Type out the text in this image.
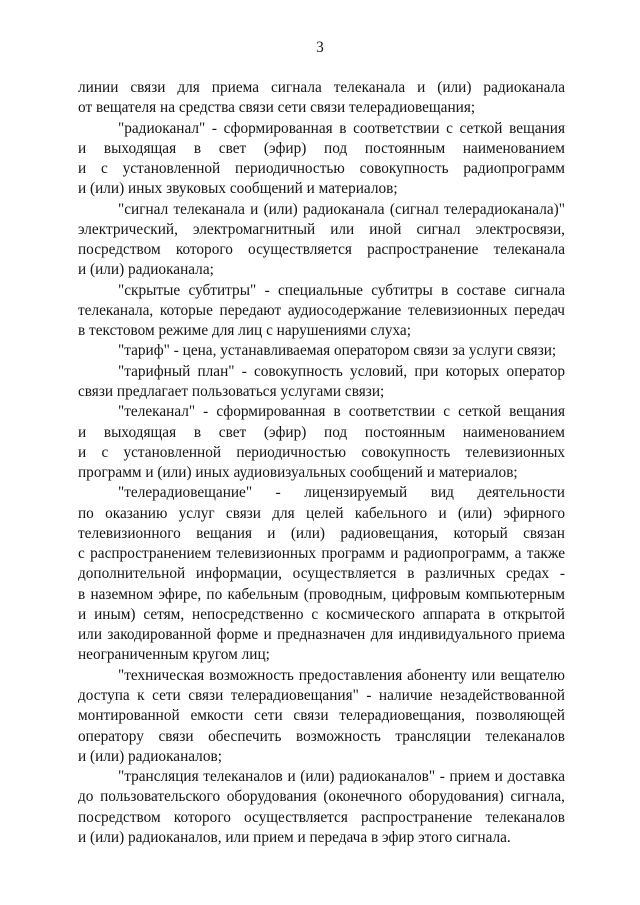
3
линии связи для приема сигнала телеканала и (или) радиоканала
от вещателя на средства связи сети связи телерадиовещания;
"радиоканал" - сформированная в соответствии с сеткой вещания
и выходящая в свет (эфир) под постоянным наименованием
и с установленной периодичностью совокупность радиопрограмм
и (или) иных звуковых сообщений и материалов;
"сигнал телеканала и (или) радиоканала (сигнал телерадиоканала)"
электрический, электромагнитный или иной сигнал электросвязи,
посредством которого осуществляется распространение телеканала
и (или) радиоканала;
"скрытые субтитры" - специальные субтитры в составе сигнала
телеканала, которые передают аудиосодержание телевизионных передач
в текстовом режиме для лиц с нарушениями слуха;
"тариф" - цена, устанавливаемая оператором связи за услуги связи;
"тарифный план" - совокупность условий, при которых оператор
связи предлагает пользоваться услугами связи;
"телеканал" - сформированная в соответствии с сеткой вещания
и выходящая в свет (эфир) под постоянным наименованием
и с установленной периодичностью совокупность телевизионных
программ и (или) иных аудиовизуальных сообщений и материалов;
"телерадиовещание" - лицензируемый вид деятельности
по оказанию услуг связи для целей кабельного и (или) эфирного
телевизионного вещания и (или) радиовещания, который связан
с распространением телевизионных программ и радиопрограмм, а также
дополнительной информации, осуществляется в различных средах -
в наземном эфире, по кабельным (проводным, цифровым компьютерным
и иным) сетям, непосредственно с космического аппарата в открытой
или закодированной форме и предназначен для индивидуального приема
неограниченным кругом лиц;
"техническая возможность предоставления абоненту или вещателю
доступа к сети связи телерадиовещания" - наличие незадействованной
монтированной емкости сети связи телерадиовещания, позволяющей
оператору связи обеспечить возможность трансляции телеканалов
и (или) радиоканалов;
"трансляция телеканалов и (или) радиоканалов" - прием и доставка
до пользовательского оборудования (оконечного оборудования) сигнала,
посредством которого осуществляется распространение телеканалов
и (или) радиоканалов, или прием и передача в эфир этого сигнала.
